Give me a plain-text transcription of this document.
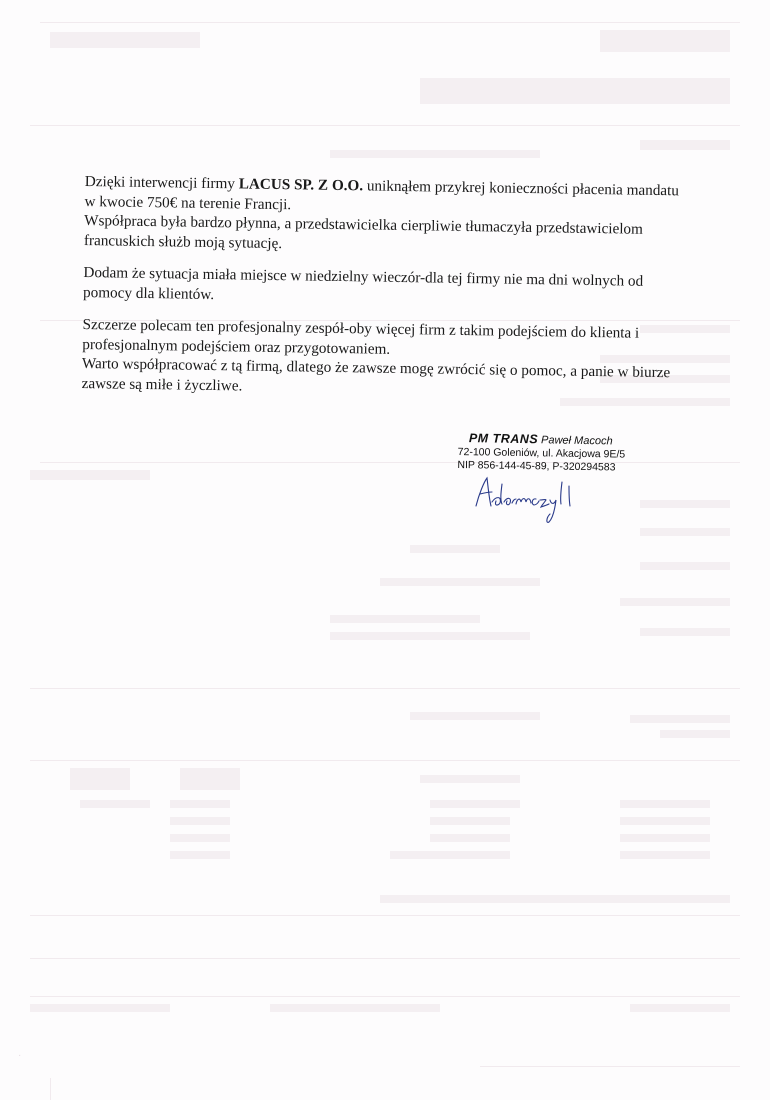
Dzięki interwencji firmy LACUS SP. Z O.O. uniknąłem przykrej konieczności płacenia mandatu w kwocie 750€ na terenie Francji.

Współpraca była bardzo płynna, a przedstawicielka cierpliwie tłumaczyła przedstawicielom francuskich służb moją sytuację.

Dodam że sytuacja miała miejsce w niedzielny wieczór-dla tej firmy nie ma dni wolnych od pomocy dla klientów.

Szczerze polecam ten profesjonalny zespół-oby więcej firm z takim podejściem do klienta i profesjonalnym podejściem oraz przygotowaniem.

Warto współpracować z tą firmą, dlatego że zawsze mogę zwrócić się o pomoc, a panie w biurze zawsze są miłe i życzliwe.

PM TRANS Paweł Macoch
72-100 Goleniów, ul. Akacjowa 9E/5
NIP 856-144-45-89, P-320294583
·
